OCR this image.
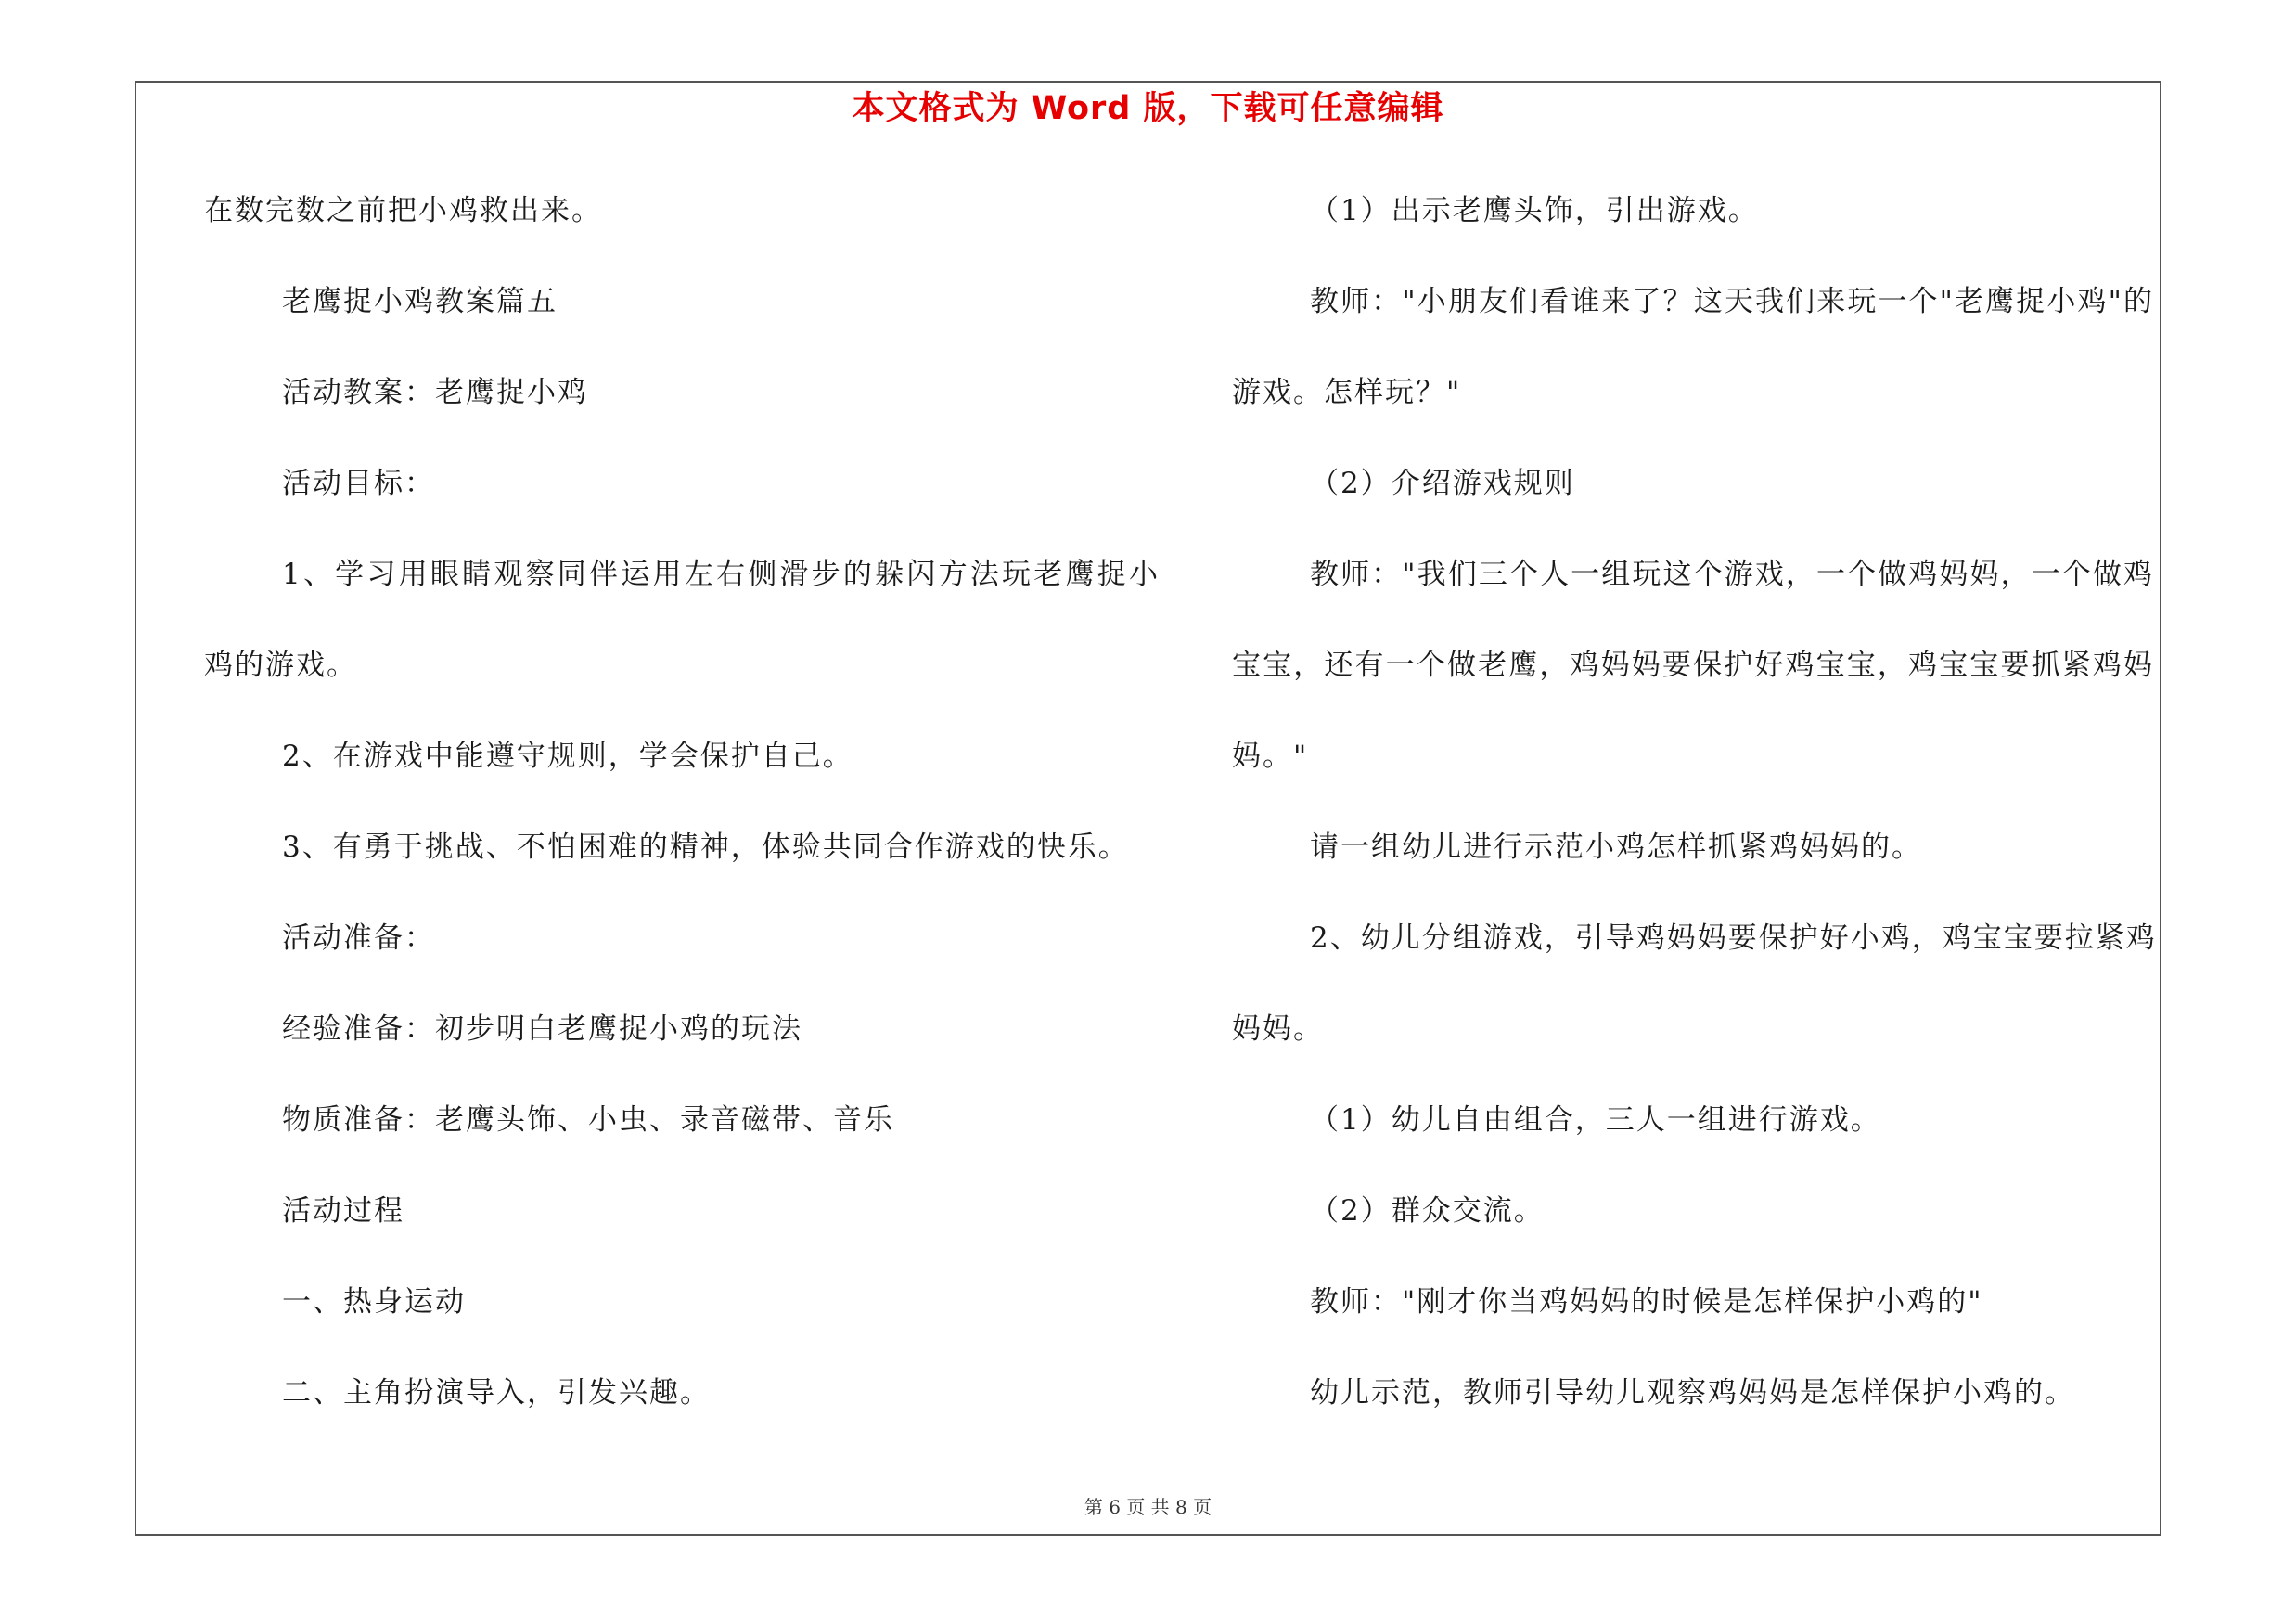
本文格式为 Word 版，下载可任意编辑
在数完数之前把小鸡救出来。
老鹰捉小鸡教案篇五
活动教案：老鹰捉小鸡
活动目标：
1、学习用眼睛观察同伴运用左右侧滑步的躲闪方法玩老鹰捉小
鸡的游戏。
2、在游戏中能遵守规则，学会保护自己。
3、有勇于挑战、不怕困难的精神，体验共同合作游戏的快乐。
活动准备：
经验准备：初步明白老鹰捉小鸡的玩法
物质准备：老鹰头饰、小虫、录音磁带、音乐
活动过程
一、热身运动
二、主角扮演导入，引发兴趣。
（1）出示老鹰头饰，引出游戏。
教师："小朋友们看谁来了？这天我们来玩一个"老鹰捉小鸡"的
游戏。怎样玩？"
（2）介绍游戏规则
教师："我们三个人一组玩这个游戏，一个做鸡妈妈，一个做鸡
宝宝，还有一个做老鹰，鸡妈妈要保护好鸡宝宝，鸡宝宝要抓紧鸡妈
妈。"
请一组幼儿进行示范小鸡怎样抓紧鸡妈妈的。
2、幼儿分组游戏，引导鸡妈妈要保护好小鸡，鸡宝宝要拉紧鸡
妈妈。
（1）幼儿自由组合，三人一组进行游戏。
（2）群众交流。
教师："刚才你当鸡妈妈的时候是怎样保护小鸡的"
幼儿示范，教师引导幼儿观察鸡妈妈是怎样保护小鸡的。
第 6 页 共 8 页
